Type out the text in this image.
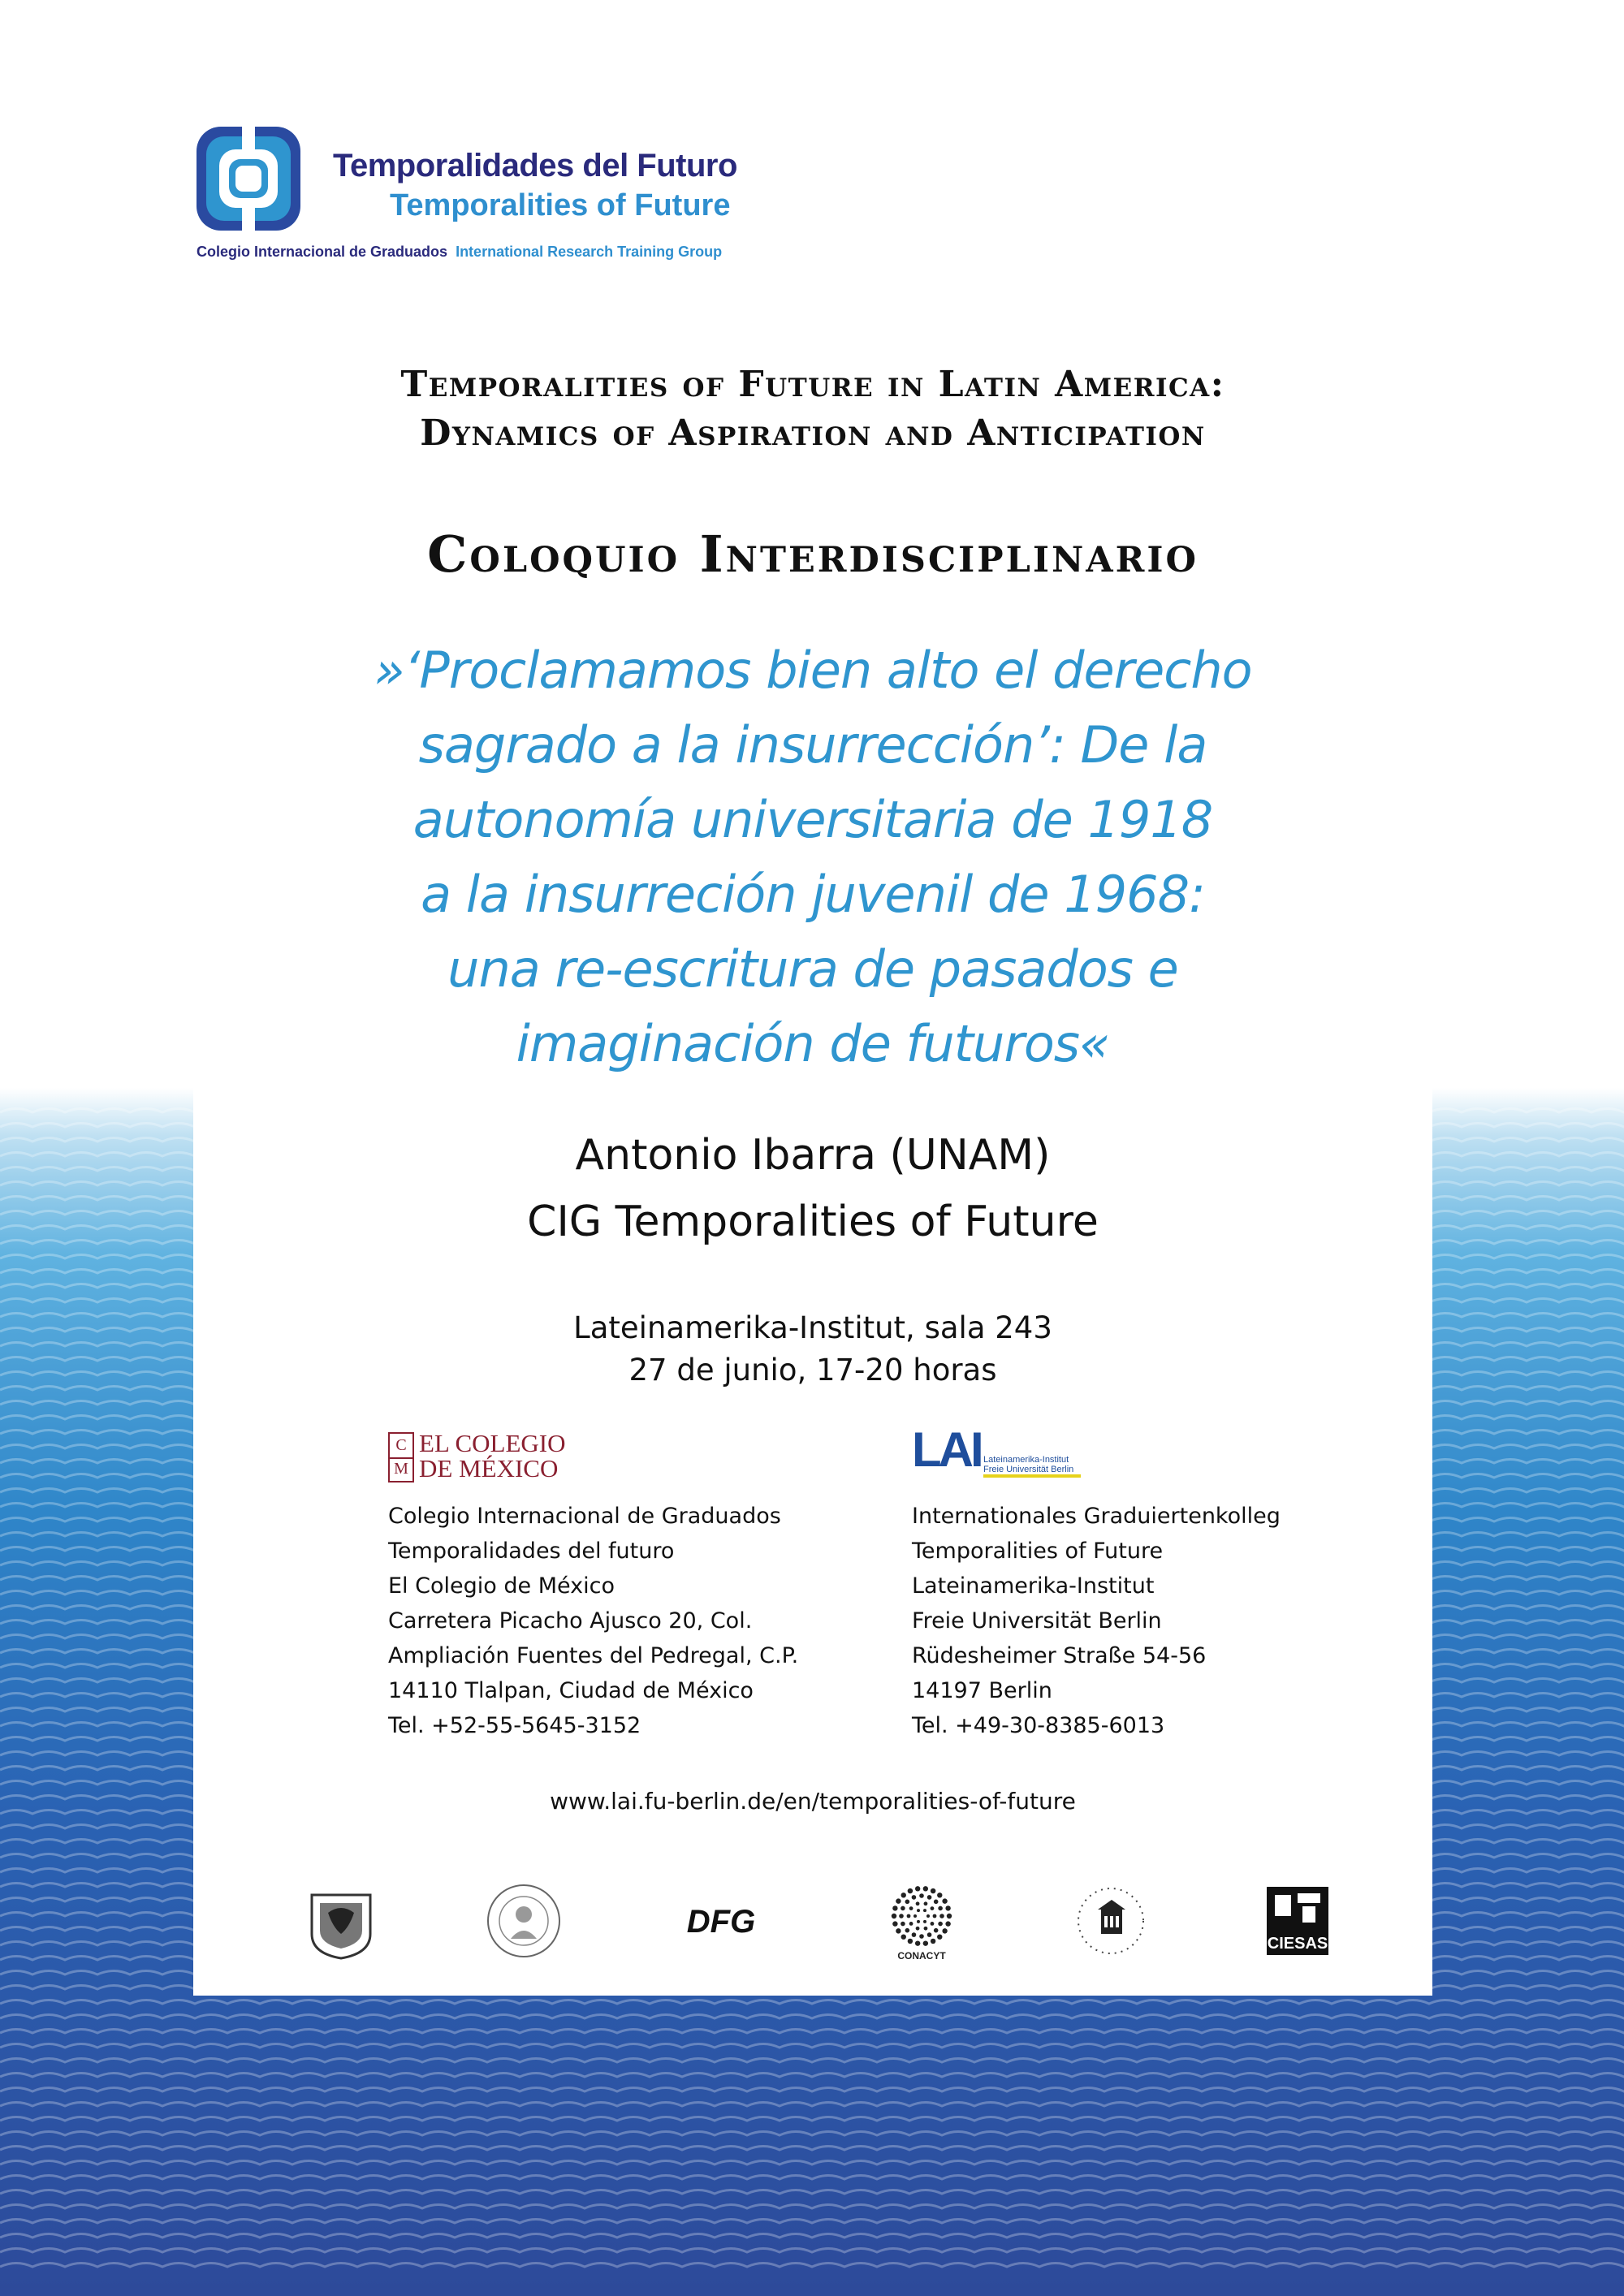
Temporalidades del Futuro
Temporalities of Future
Colegio Internacional de Graduados International Research Training Group
Temporalities of Future in Latin America:
Dynamics of Aspiration and Anticipation
Coloquio Interdisciplinario
»‘Proclamamos bien alto el derecho
sagrado a la insurrección’: De la
autonomía universitaria de 1918
a la insurreción juvenil de 1968:
una re-escritura de pasados e
imaginación de futuros«
Antonio Ibarra (UNAM)
CIG Temporalities of Future
Lateinamerika-Institut, sala 243
27 de junio, 17-20 horas
C
M
EL COLEGIO
DE MÉXICO
Colegio Internacional de Graduados
Temporalidades del futuro
El Colegio de México
Carretera Picacho Ajusco 20, Col.
Ampliación Fuentes del Pedregal, C.P.
14110 Tlalpan, Ciudad de México
Tel. +52-55-5645-3152
LAI Lateinamerika-Institut
Freie Universität Berlin
Internationales Graduiertenkolleg
Temporalities of Future
Lateinamerika-Institut
Freie Universität Berlin
Rüdesheimer Straße 54-56
14197 Berlin
Tel. +49-30-8385-6013
www.lai.fu-berlin.de/en/temporalities-of-future
DFG
CONACYT
CIESAS
